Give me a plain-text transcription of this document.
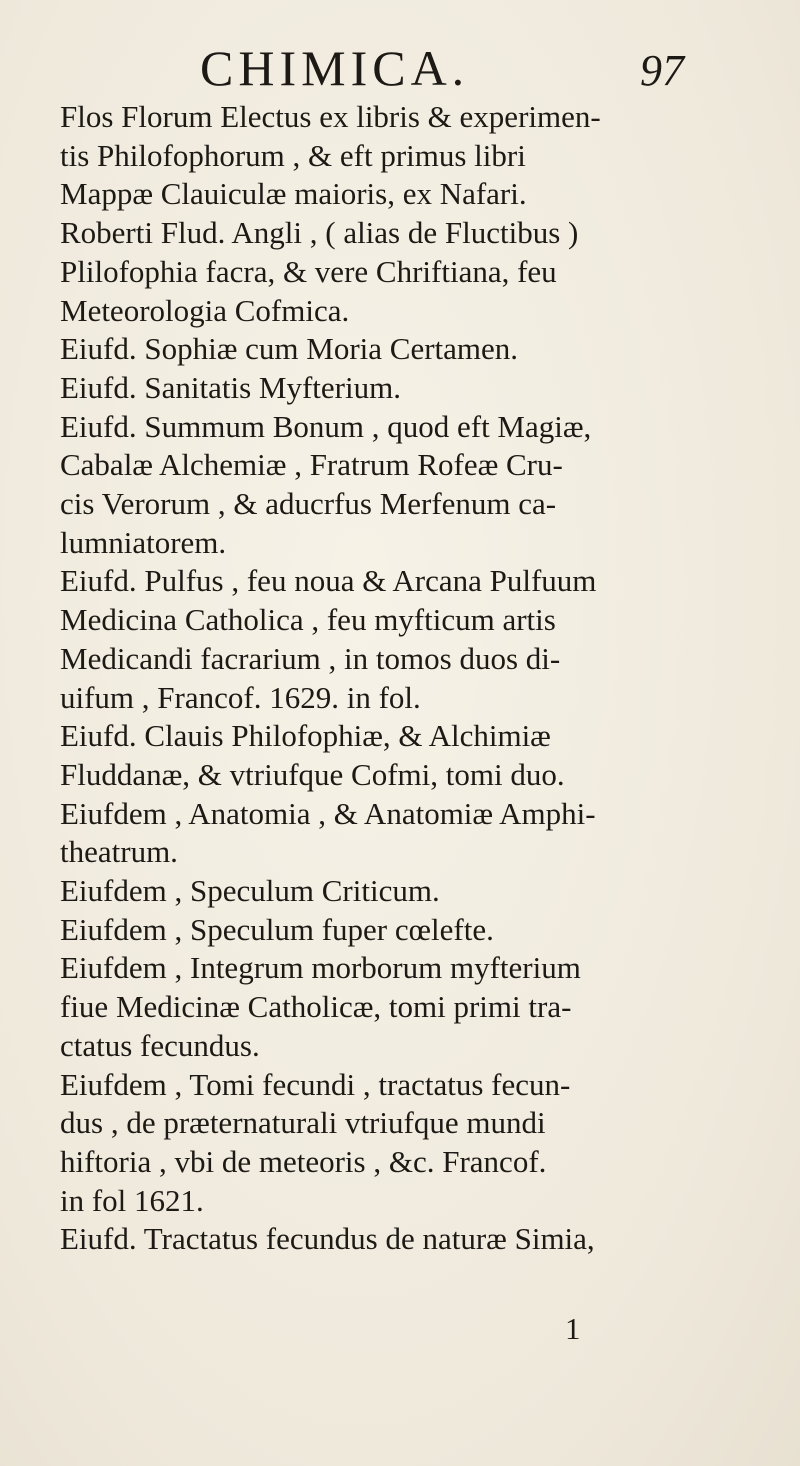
CHIMICA.	97
Flos Florum Electus ex libris & experimen-
tis Philofophorum , & eft primus libri
Mappæ Clauiculæ maioris, ex Nafari.
Roberti Flud. Angli , ( alias de Fluctibus )
Plilofophia facra, & vere Chriftiana, feu
Meteorologia Cofmica.
Eiufd. Sophiæ cum Moria Certamen.
Eiufd. Sanitatis Myfterium.
Eiufd. Summum Bonum , quod eft Magiæ,
Cabalæ Alchemiæ , Fratrum Rofeæ Cru-
cis Verorum , & aducrfus Merfenum ca-
lumniatorem.
Eiufd. Pulfus , feu noua & Arcana Pulfuum
Medicina Catholica , feu myfticum artis
Medicandi facrarium , in tomos duos di-
uifum , Francof. 1629. in fol.
Eiufd. Clauis Philofophiæ, & Alchimiæ
Fluddanæ, & vtriufque Cofmi, tomi duo.
Eiufdem , Anatomia , & Anatomiæ Amphi-
theatrum.
Eiufdem , Speculum Criticum.
Eiufdem , Speculum fuper cœlefte.
Eiufdem , Integrum morborum myfterium
fiue Medicinæ Catholicæ, tomi primi tra-
ctatus fecundus.
Eiufdem , Tomi fecundi , tractatus fecun-
dus , de præternaturali vtriufque mundi
hiftoria , vbi de meteoris , &c. Francof.
in fol 1621.
Eiufd. Tractatus fecundus de naturæ Simia,
1
